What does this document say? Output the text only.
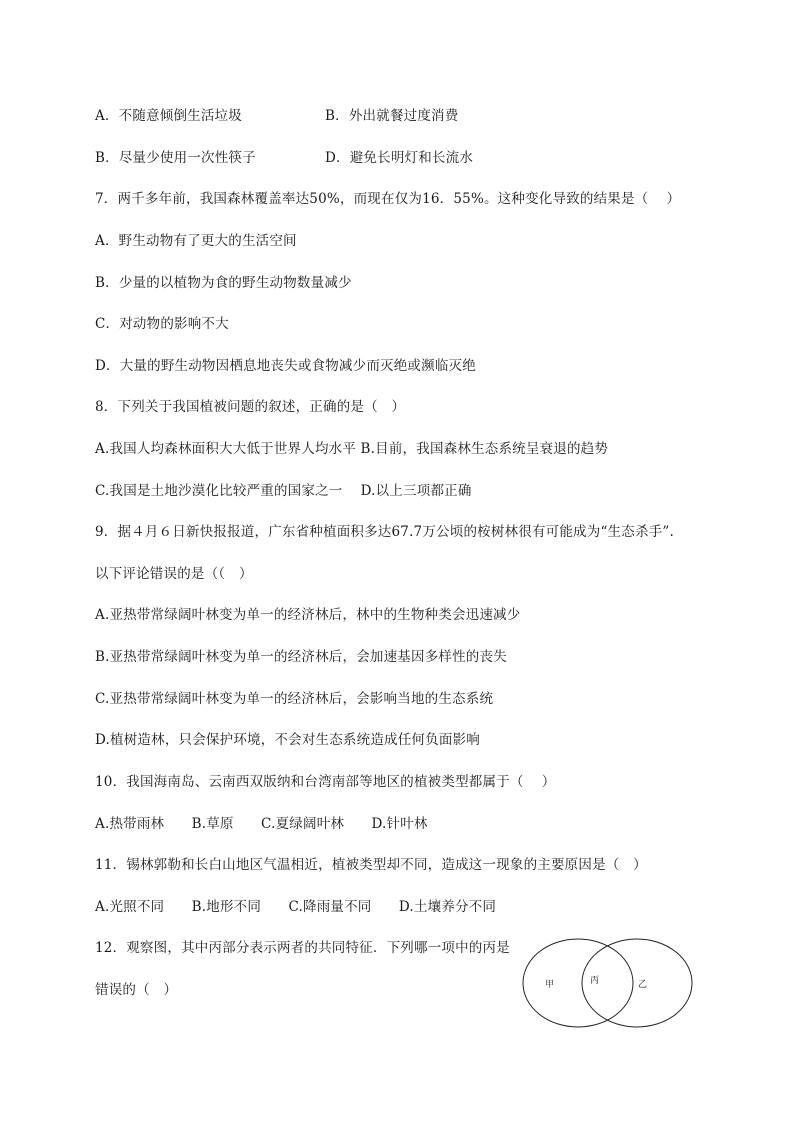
A．不随意倾倒生活垃圾	B．外出就餐过度消费
B．尽量少使用一次性筷子	D．避免长明灯和长流水
7．两千多年前，我国森林覆盖率达50%，而现在仅为16．55%。这种变化导致的结果是（　 ）
A．野生动物有了更大的生活空间
B．少量的以植物为食的野生动物数量减少
C．对动物的影响不大
D．大量的野生动物因栖息地丧失或食物减少而灭绝或濒临灭绝
8．下列关于我国植被问题的叙述，正确的是（　）
A.我国人均森林面积大大低于世界人均水平 B.目前，我国森林生态系统呈衰退的趋势
C.我国是土地沙漠化比较严重的国家之一　 D.以上三项都正确
9．据４月６日新快报报道，广东省种植面积多达67.7万公顷的桉树林很有可能成为“生态杀手”.
以下评论错误的是（（　）
A.亚热带常绿阔叶林变为单一的经济林后，林中的生物种类会迅速减少
B.亚热带常绿阔叶林变为单一的经济林后，会加速基因多样性的丧失
C.亚热带常绿阔叶林变为单一的经济林后，会影响当地的生态系统
D.植树造林，只会保护环境，不会对生态系统造成任何负面影响
10．我国海南岛、云南西双版纳和台湾南部等地区的植被类型都属于（　 ）
A.热带雨林　　B.草原　　C.夏绿阔叶林　　D.针叶林
11．锡林郭勒和长白山地区气温相近，植被类型却不同，造成这一现象的主要原因是（　）
A.光照不同　　B.地形不同　　C.降雨量不同　　D.土壤养分不同
12．观察图，其中丙部分表示两者的共同特征．下列哪一项中的丙是
错误的（　）	甲	丙	乙
